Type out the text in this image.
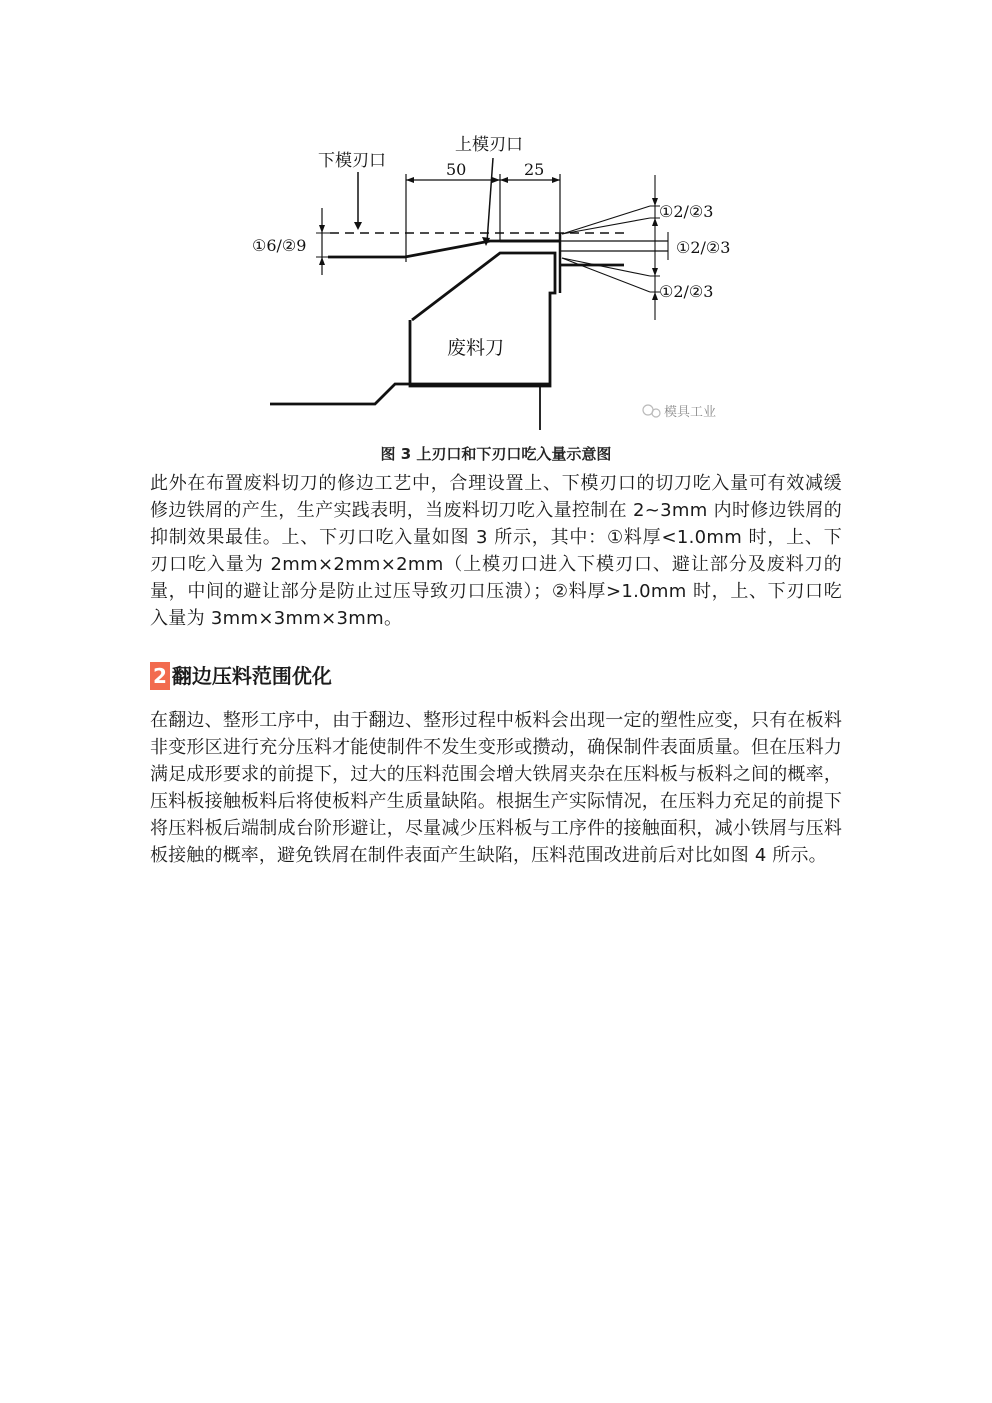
上模刃口
下模刃口	50	25
①6/②9
废料刀
①2/②3
①2/②3
①2/②3
模具工业
图 3 上刃口和下刃口吃入量示意图

此外在布置废料切刀的修边工艺中，合理设置上、下模刃口的切刀吃入量可有效减缓修边铁屑的产生，生产实践表明，当废料切刀吃入量控制在 2~3mm 内时修边铁屑的抑制效果最佳。上、下刃口吃入量如图 3 所示，其中：①料厚<1.0mm 时，上、下刃口吃入量为 2mm×2mm×2mm（上模刃口进入下模刃口、避让部分及废料刀的量，中间的避让部分是防止过压导致刃口压溃）；②料厚>1.0mm 时，上、下刃口吃入量为 3mm×3mm×3mm。

2 翻边压料范围优化

在翻边、整形工序中，由于翻边、整形过程中板料会出现一定的塑性应变，只有在板料非变形区进行充分压料才能使制件不发生变形或攒动，确保制件表面质量。但在压料力满足成形要求的前提下，过大的压料范围会增大铁屑夹杂在压料板与板料之间的概率，压料板接触板料后将使板料产生质量缺陷。根据生产实际情况，在压料力充足的前提下将压料板后端制成台阶形避让，尽量减少压料板与工序件的接触面积，减小铁屑与压料板接触的概率，避免铁屑在制件表面产生缺陷，压料范围改进前后对比如图 4 所示。
